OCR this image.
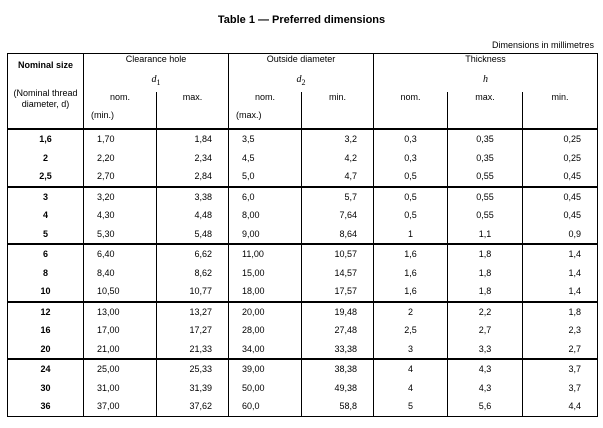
Table 1 — Preferred dimensions
Dimensions in millimetres
Nominal size
(Nominal thread diameter, d)	Clearance hole		Outside diameter		Thickness		
	$d_1$		$d_2$		h		
	nom.	max.	nom.	min.	nom.	max.	min.
	(min.)		(max.)				
1,6	1,70	1,84	3,5	3,2	0,3	0,35	0,25
2	2,20	2,34	4,5	4,2	0,3	0,35	0,25
2,5	2,70	2,84	5,0	4,7	0,5	0,55	0,45
3	3,20	3,38	6,0	5,7	0,5	0,55	0,45
4	4,30	4,48	8,00	7,64	0,5	0,55	0,45
5	5,30	5,48	9,00	8,64	1	1,1	0,9
6	6,40	6,62	11,00	10,57	1,6	1,8	1,4
8	8,40	8,62	15,00	14,57	1,6	1,8	1,4
10	10,50	10,77	18,00	17,57	1,6	1,8	1,4
12	13,00	13,27	20,00	19,48	2	2,2	1,8
16	17,00	17,27	28,00	27,48	2,5	2,7	2,3
20	21,00	21,33	34,00	33,38	3	3,3	2,7
24	25,00	25,33	39,00	38,38	4	4,3	3,7
30	31,00	31,39	50,00	49,38	4	4,3	3,7
36	37,00	37,62	60,0	58,8	5	5,6	4,4
